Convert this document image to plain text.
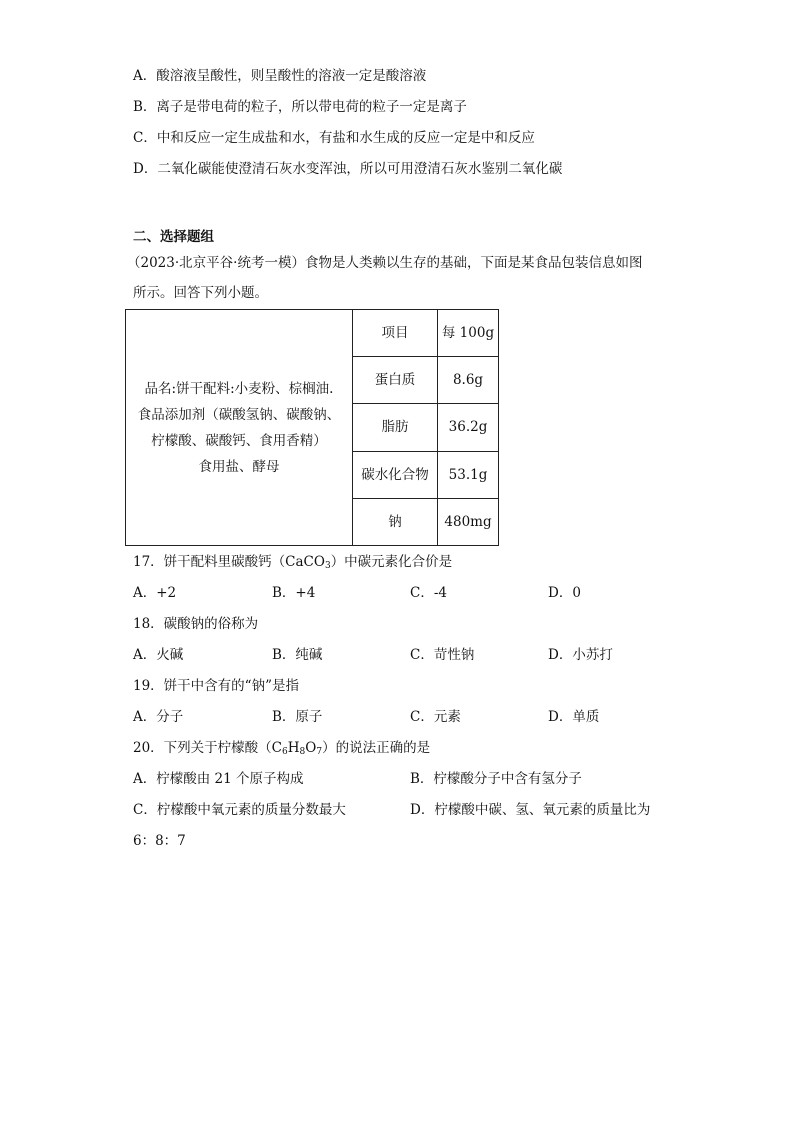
A．酸溶液呈酸性，则呈酸性的溶液一定是酸溶液
B．离子是带电荷的粒子，所以带电荷的粒子一定是离子
C．中和反应一定生成盐和水，有盐和水生成的反应一定是中和反应
D．二氧化碳能使澄清石灰水变浑浊，所以可用澄清石灰水鉴别二氧化碳
二、选择题组
（2023·北京平谷·统考一模）食物是人类赖以生存的基础，下面是某食品包装信息如图
所示。回答下列小题。
品名:饼干配料:小麦粉、棕榈油.
食品添加剂（碳酸氢钠、碳酸钠、
柠檬酸、碳酸钙、食用香精）
食用盐、酵母	项目	每 100g
	蛋白质	8.6g
	脂肪	36.2g
	碳水化合物	53.1g
	钠	480mg
17．饼干配料里碳酸钙（CaCO$_3$）中碳元素化合价是
A．+2	B．+4	C．-4	D．0
18．碳酸钠的俗称为
A．火碱	B．纯碱	C．苛性钠	D．小苏打
19．饼干中含有的“钠”是指
A．分子	B．原子	C．元素	D．单质
20．下列关于柠檬酸$(C_6H_8O_7)$的说法正确的是
A．柠檬酸由 21 个原子构成	B．柠檬酸分子中含有氢分子
C．柠檬酸中氧元素的质量分数最大	D．柠檬酸中碳、氢、氧元素的质量比为
6：8：7
